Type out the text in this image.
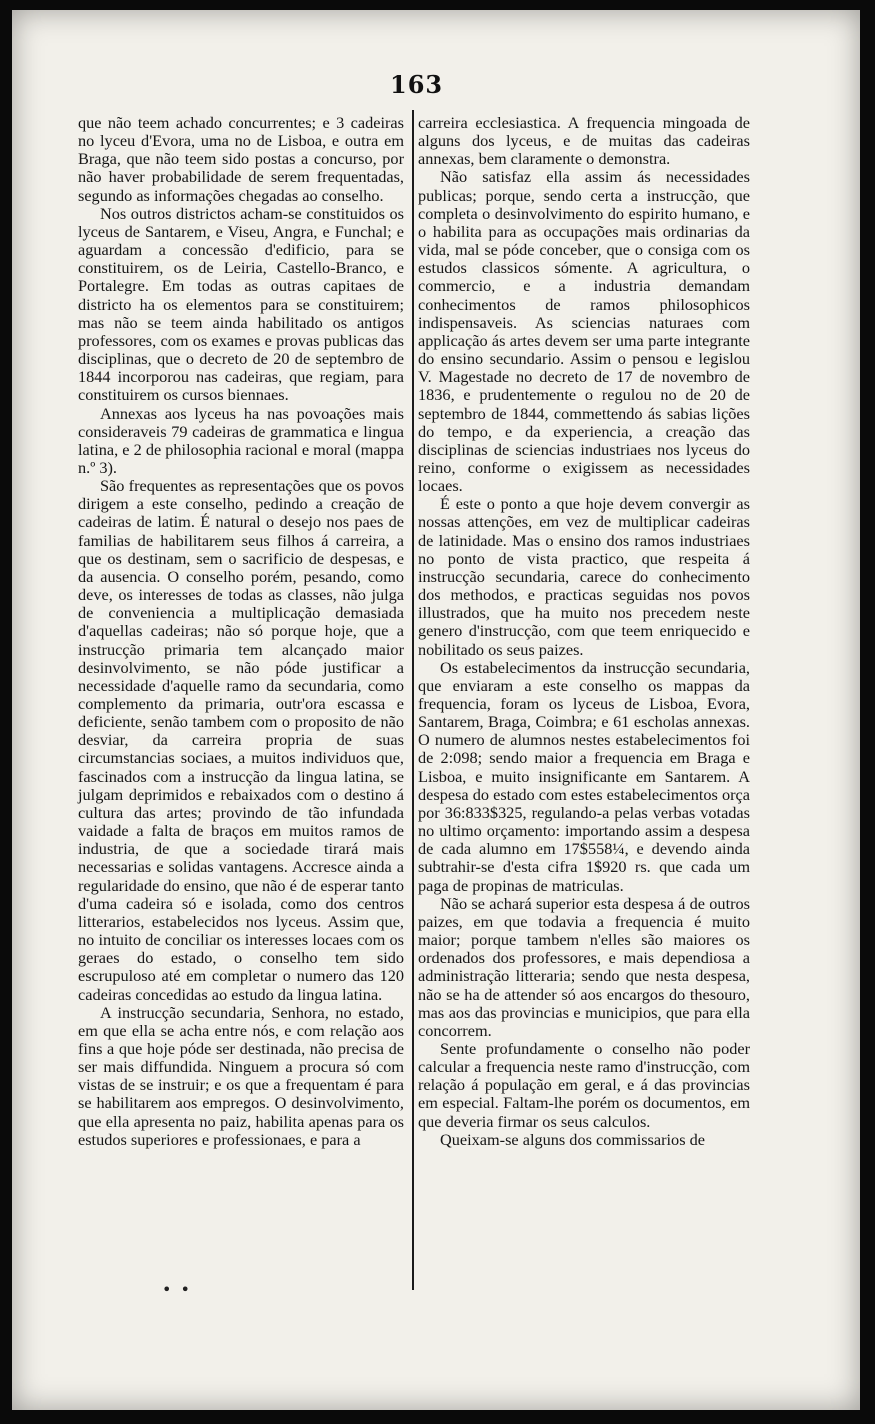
163

que não teem achado concurrentes; e 3 cadeiras no lyceu d'Evora, uma no de Lisboa, e outra em Braga, que não teem sido postas a concurso, por não haver probabilidade de serem frequentadas, segundo as informações chegadas ao conselho.

Nos outros districtos acham-se constituidos os lyceus de Santarem, e Viseu, Angra, e Funchal; e aguardam a concessão d'edificio, para se constituirem, os de Leiria, Castello-Branco, e Portalegre. Em todas as outras capitaes de districto ha os elementos para se constituirem; mas não se teem ainda habilitado os antigos professores, com os exames e provas publicas das disciplinas, que o decreto de 20 de septembro de 1844 incorporou nas cadeiras, que regiam, para constituirem os cursos biennaes.

Annexas aos lyceus ha nas povoações mais consideraveis 79 cadeiras de grammatica e lingua latina, e 2 de philosophia racional e moral (mappa n.º 3).

São frequentes as representações que os povos dirigem a este conselho, pedindo a creação de cadeiras de latim. É natural o desejo nos paes de familias de habilitarem seus filhos á carreira, a que os destinam, sem o sacrificio de despesas, e da ausencia. O conselho porém, pesando, como deve, os interesses de todas as classes, não julga de conveniencia a multiplicação demasiada d'aquellas cadeiras; não só porque hoje, que a instrucção primaria tem alcançado maior desinvolvimento, se não póde justificar a necessidade d'aquelle ramo da secundaria, como complemento da primaria, outr'ora escassa e deficiente, senão tambem com o proposito de não desviar, da carreira propria de suas circumstancias sociaes, a muitos individuos que, fascinados com a instrucção da lingua latina, se julgam deprimidos e rebaixados com o destino á cultura das artes; provindo de tão infundada vaidade a falta de braços em muitos ramos de industria, de que a sociedade tirará mais necessarias e solidas vantagens. Accresce ainda a regularidade do ensino, que não é de esperar tanto d'uma cadeira só e isolada, como dos centros litterarios, estabelecidos nos lyceus. Assim que, no intuito de conciliar os interesses locaes com os geraes do estado, o conselho tem sido escrupuloso até em completar o numero das 120 cadeiras concedidas ao estudo da lingua latina.

A instrucção secundaria, Senhora, no estado, em que ella se acha entre nós, e com relação aos fins a que hoje póde ser destinada, não precisa de ser mais diffundida. Ninguem a procura só com vistas de se instruir; e os que a frequentam é para se habilitarem aos empregos. O desinvolvimento, que ella apresenta no paiz, habilita apenas para os estudos superiores e professionaes, e para a

carreira ecclesiastica. A frequencia mingoada de alguns dos lyceus, e de muitas das cadeiras annexas, bem claramente o demonstra.

Não satisfaz ella assim ás necessidades publicas; porque, sendo certa a instrucção, que completa o desinvolvimento do espirito humano, e o habilita para as occupações mais ordinarias da vida, mal se póde conceber, que o consiga com os estudos classicos sómente. A agricultura, o commercio, e a industria demandam conhecimentos de ramos philosophicos indispensaveis. As sciencias naturaes com applicação ás artes devem ser uma parte integrante do ensino secundario. Assim o pensou e legislou V. Magestade no decreto de 17 de novembro de 1836, e prudentemente o regulou no de 20 de septembro de 1844, commettendo ás sabias lições do tempo, e da experiencia, a creação das disciplinas de sciencias industriaes nos lyceus do reino, conforme o exigissem as necessidades locaes.

É este o ponto a que hoje devem convergir as nossas attenções, em vez de multiplicar cadeiras de latinidade. Mas o ensino dos ramos industriaes no ponto de vista practico, que respeita á instrucção secundaria, carece do conhecimento dos methodos, e practicas seguidas nos povos illustrados, que ha muito nos precedem neste genero d'instrucção, com que teem enriquecido e nobilitado os seus paizes.

Os estabelecimentos da instrucção secundaria, que enviaram a este conselho os mappas da frequencia, foram os lyceus de Lisboa, Evora, Santarem, Braga, Coimbra; e 61 escholas annexas. O numero de alumnos nestes estabelecimentos foi de 2:098; sendo maior a frequencia em Braga e Lisboa, e muito insignificante em Santarem. A despesa do estado com estes estabelecimentos orça por 36:833$325, regulando-a pelas verbas votadas no ultimo orçamento: importando assim a despesa de cada alumno em 17$558¼, e devendo ainda subtrahir-se d'esta cifra 1$920 rs. que cada um paga de propinas de matriculas.

Não se achará superior esta despesa á de outros paizes, em que todavia a frequencia é muito maior; porque tambem n'elles são maiores os ordenados dos professores, e mais dependiosa a administração litteraria; sendo que nesta despesa, não se ha de attender só aos encargos do thesouro, mas aos das provincias e municipios, que para ella concorrem.

Sente profundamente o conselho não poder calcular a frequencia neste ramo d'instrucção, com relação á população em geral, e á das provincias em especial. Faltam-lhe porém os documentos, em que deveria firmar os seus calculos.

Queixam-se alguns dos commissarios de

• •
